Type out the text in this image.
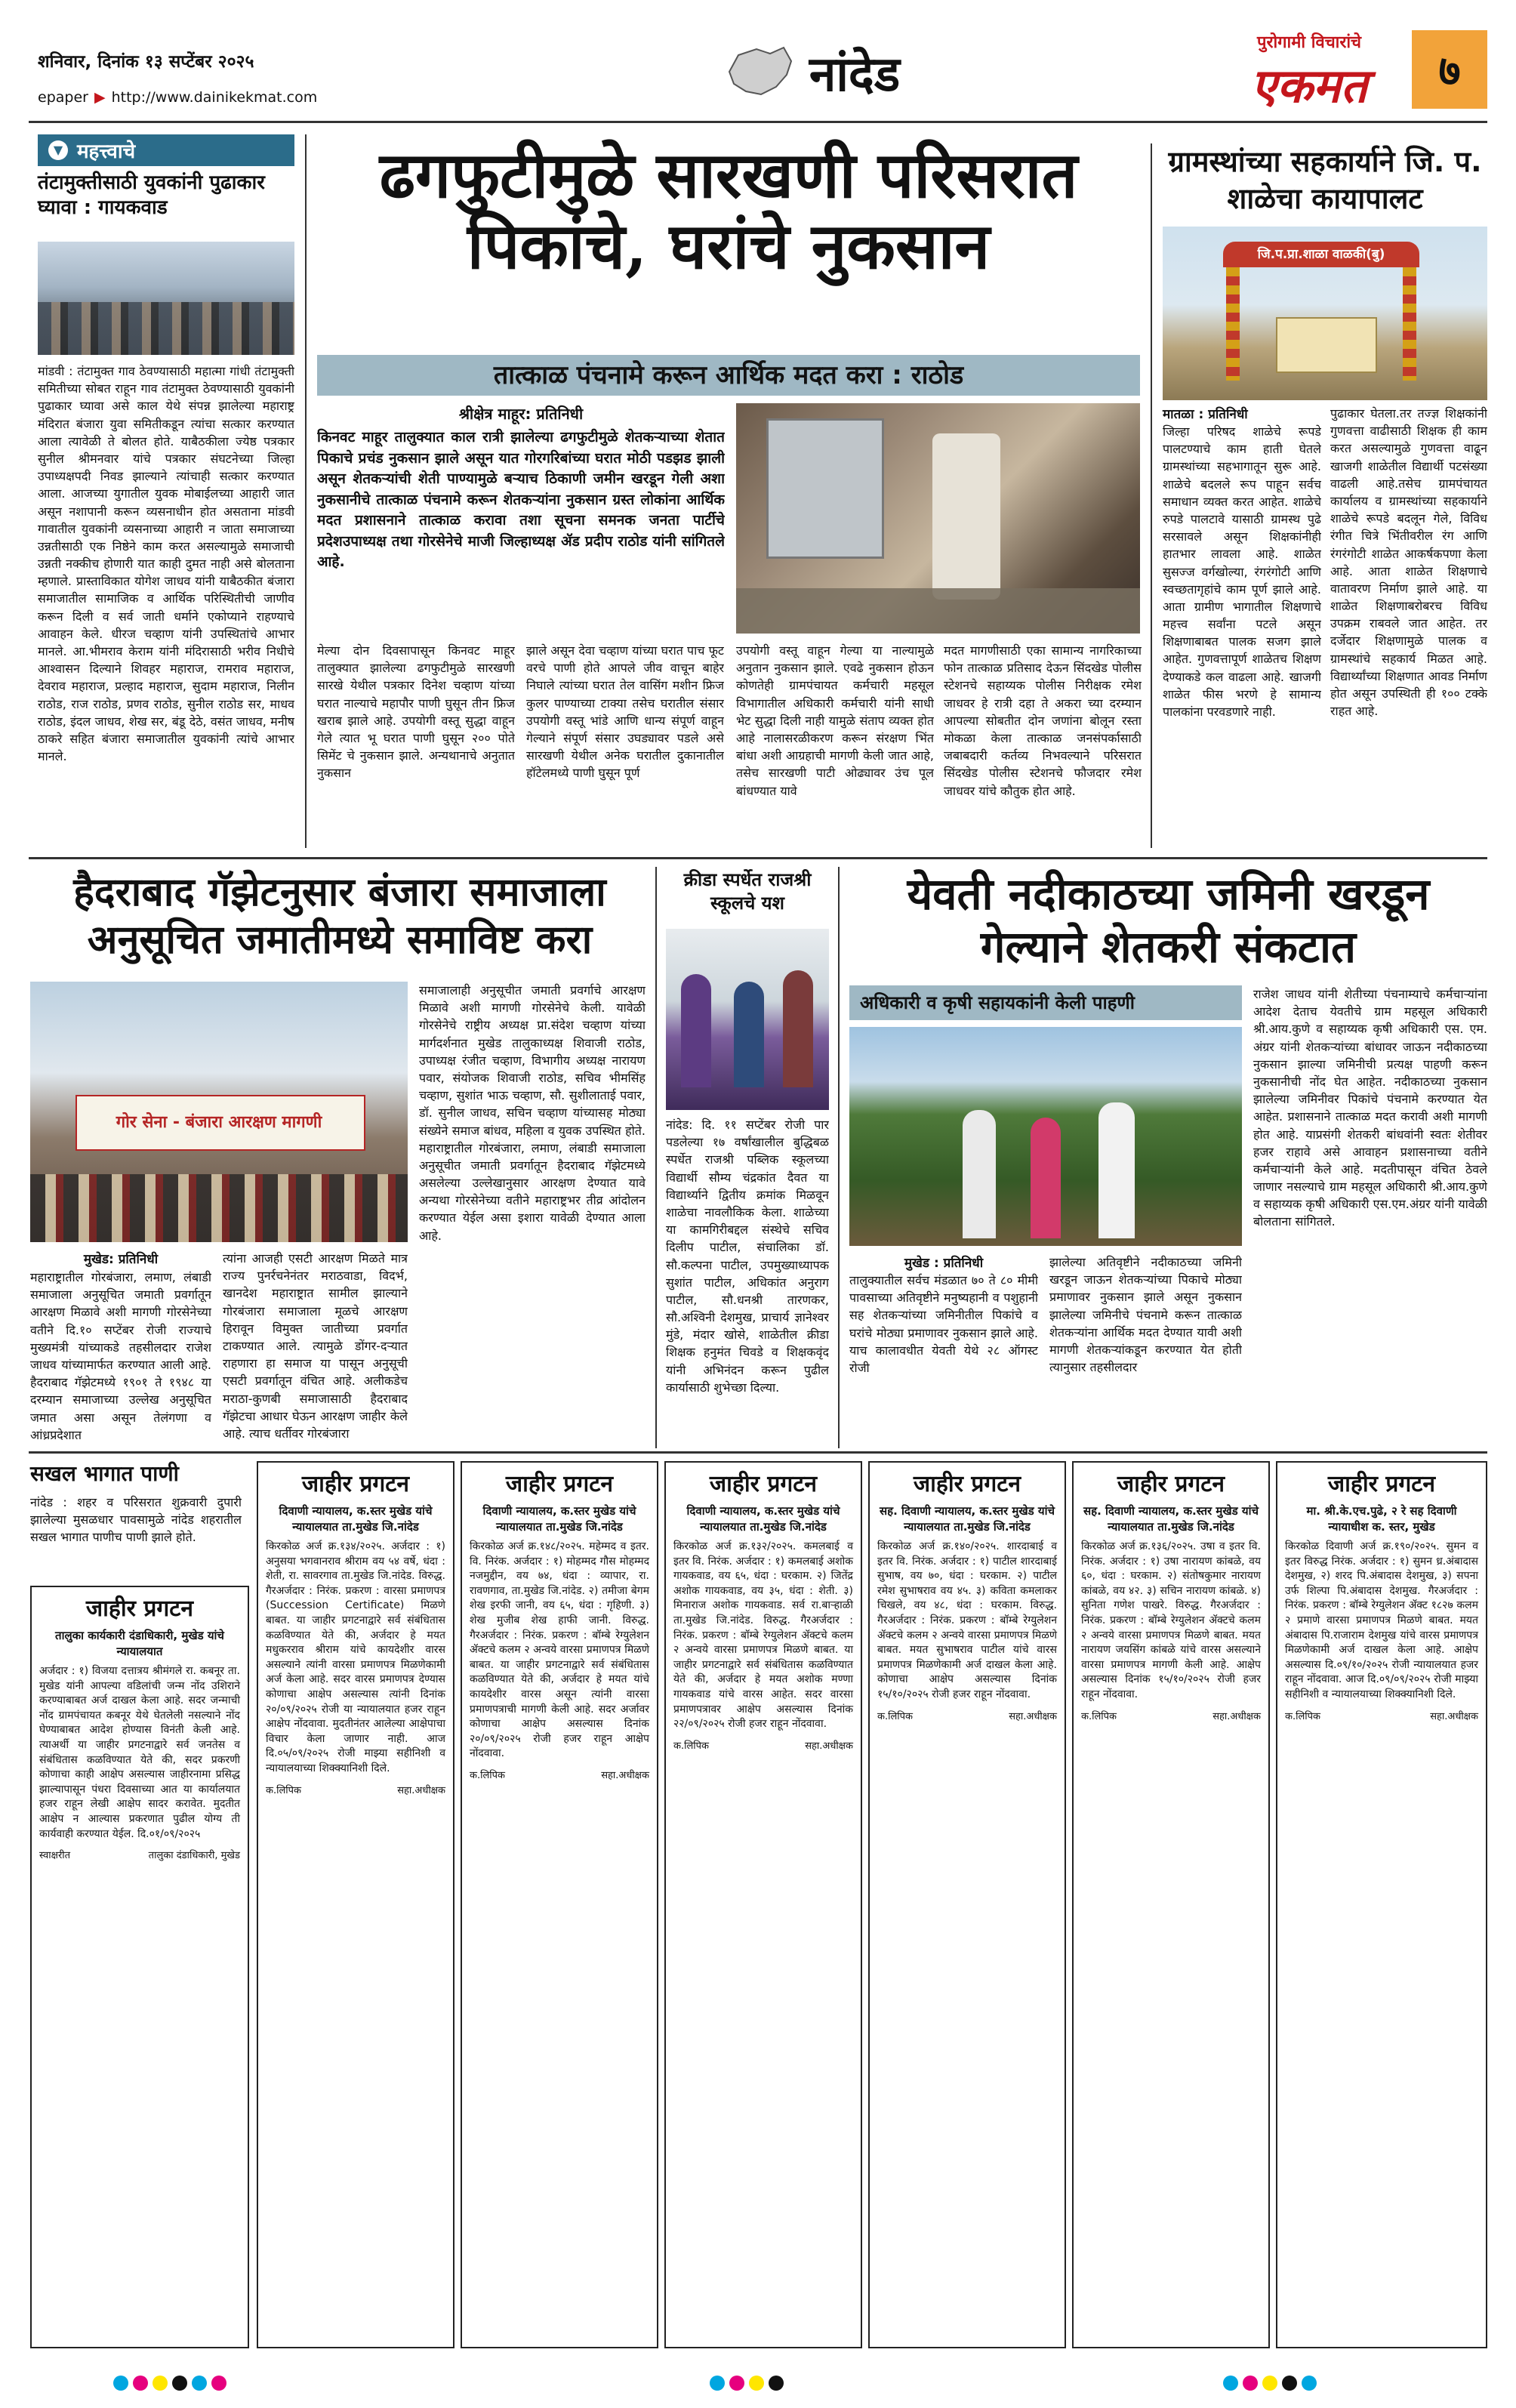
शनिवार, दिनांक १३ सप्टेंबर २०२५
epaper ▶ http://www.dainikekmat.com	नांदेड
पुरोगामी विचारांचे
एकमत	७
▼ महत्त्वाचे
तंटामुक्तीसाठी युवकांनी पुढाकार घ्यावा : गायकवाड
मांडवी : तंटामुक्त गाव ठेवण्यासाठी महात्मा गांधी तंटामुक्ती समितीच्या सोबत राहून गाव तंटामुक्त ठेवण्यासाठी युवकांनी पुढाकार घ्यावा असे काल येथे संपन्न झालेल्या महाराष्ट्र मंदिरात बंजारा युवा समितीकडून त्यांचा सत्कार करण्यात आला त्यावेळी ते बोलत होते. याबैठकीला ज्येष्ठ पत्रकार सुनील श्रीमनवार यांचे पत्रकार संघटनेच्या जिल्हा उपाध्यक्षपदी निवड झाल्याने त्यांचाही सत्कार करण्यात आला. आजच्या युगातील युवक मोबाईलच्या आहारी जात असून नशापानी करून व्यसनाधीन होत असताना मांडवी गावातील युवकांनी व्यसनाच्या आहारी न जाता समाजाच्या उन्नतीसाठी एक निष्ठेने काम करत असल्यामुळे समाजाची उन्नती नक्कीच होणारी यात काही दुमत नाही असे बोलताना म्हणाले. प्रास्ताविकात योगेश जाधव यांनी याबैठकीत बंजारा समाजातील सामाजिक व आर्थिक परिस्थितीची जाणीव करून दिली व सर्व जाती धर्माने एकोप्याने राहण्याचे आवाहन केले. धीरज चव्हाण यांनी उपस्थितांचे आभार मानले. आ.भीमराव केराम यांनी मंदिरासाठी भरीव निधीचे आश्वासन दिल्याने शिवहर महाराज, रामराव महाराज, देवराव महाराज, प्रल्हाद महाराज, सुदाम महाराज, निलीन राठोड, राज राठोड, प्रणव राठोड, सुनील राठोड सर, माधव राठोड, इंदल जाधव, शेख सर, बंडू देठे, वसंत जाधव, मनीष ठाकरे सहित बंजारा समाजातील युवकांनी त्यांचे आभार मानले.
ढगफुटीमुळे सारखणी परिसरात पिकांचे, घरांचे नुकसान
तात्काळ पंचनामे करून आर्थिक मदत करा : राठोड
श्रीक्षेत्र माहूर: प्रतिनिधी
किनवट माहूर तालुक्यात काल रात्री झालेल्या ढगफुटीमुळे शेतकऱ्याच्या शेतात पिकाचे प्रचंड नुकसान झाले असून यात गोरगरिबांच्या घरात मोठी पडझड झाली असून शेतकऱ्यांची शेती पाण्यामुळे बऱ्याच ठिकाणी जमीन खरडून गेली अशा नुकसानीचे तात्काळ पंचनामे करून शेतकऱ्यांना नुकसान ग्रस्त लोकांना आर्थिक मदत प्रशासनाने तात्काळ करावा तशा सूचना समनक जनता पार्टीचे प्रदेशउपाध्यक्ष तथा गोरसेनेचे माजी जिल्हाध्यक्ष ॲड प्रदीप राठोड यांनी सांगितले आहे.
मेल्या दोन दिवसापासून किनवट माहूर तालुक्यात झालेल्या ढगफुटीमुळे सारखणी सारखे येथील पत्रकार दिनेश चव्हाण यांच्या घरात नाल्याचे महापौर पाणी घुसून तीन फ्रिज खराब झाले आहे. उपयोगी वस्तू सुद्धा वाहून गेले त्यात भू घरात पाणी घुसून २०० पोते सिमेंट चे नुकसान झाले. अन्यथानाचे अनुतात नुकसान
झाले असून देवा चव्हाण यांच्या घरात पाच फूट वरचे पाणी होते आपले जीव वाचून बाहेर निघाले त्यांच्या घरात तेल वासिंग मशीन फ्रिज कुलर पाण्याच्या टाक्या तसेच घरातील संसार उपयोगी वस्तू भांडे आणि धान्य संपूर्ण वाहून गेल्याने संपूर्ण संसार उघड्यावर पडले असे सारखणी येथील अनेक घरातील दुकानातील हॉटेलमध्ये पाणी घुसून पूर्ण
उपयोगी वस्तू वाहून गेल्या या नाल्यामुळे अनुतान नुकसान झाले. एवढे नुकसान होऊन कोणतेही ग्रामपंचायत कर्मचारी महसूल विभागातील अधिकारी कर्मचारी यांनी साधी भेट सुद्धा दिली नाही यामुळे संताप व्यक्त होत आहे नालासरळीकरण करून संरक्षण भिंत बांधा अशी आग्रहाची मागणी केली जात आहे, तसेच सारखणी पाटी ओढ्यावर उंच पूल बांधण्यात यावे
मदत मागणीसाठी एका सामान्य नागरिकाच्या फोन तात्काळ प्रतिसाद देऊन सिंदखेड पोलीस स्टेशनचे सहाय्यक पोलीस निरीक्षक रमेश जाधवर हे रात्री दहा ते अकरा च्या दरम्यान आपल्या सोबतीत दोन जणांना बोलून रस्ता मोकळा केला तात्काळ जनसंपर्कासाठी जबाबदारी कर्तव्य निभवल्याने परिसरात सिंदखेड पोलीस स्टेशनचे फौजदार रमेश जाधवर यांचे कौतुक होत आहे.
ग्रामस्थांच्या सहकार्याने जि. प. शाळेचा कायापालट
जि.प.प्रा.शाळा वाळकी(बु)
मातळा : प्रतिनिधी
जिल्हा परिषद शाळेचे रूपडे पालटण्याचे काम हाती घेतले ग्रामस्थांच्या सहभागातून सुरू आहे. शाळेचे बदलले रूप पाहून सर्वच समाधान व्यक्त करत आहेत. शाळेचे रुपडे पालटावे यासाठी ग्रामस्थ पुढे सरसावले असून शिक्षकांनीही हातभार लावला आहे. शाळेत सुसज्ज वर्गखोल्या, रंगरंगोटी आणि स्वच्छतागृहांचे काम पूर्ण झाले आहे. आता ग्रामीण भागातील शिक्षणाचे महत्त्व सर्वांना पटले असून शिक्षणाबाबत पालक सजग झाले आहेत. गुणवत्तापूर्ण शाळेतच शिक्षण देण्याकडे कल वाढला आहे. खाजगी शाळेत फीस भरणे हे सामान्य पालकांना परवडणारे नाही.
पुढाकार घेतला.तर तज्ज्ञ शिक्षकांनी गुणवत्ता वाढीसाठी शिक्षक ही काम करत असल्यामुळे गुणवत्ता वाढून खाजगी शाळेतील विद्यार्थी पटसंख्या वाढली आहे.तसेच ग्रामपंचायत कार्यालय व ग्रामस्थांच्या सहकार्याने शाळेचे रूपडे बदलून गेले, विविध रंगीत चित्रे भिंतीवरील रंग आणि रंगरंगोटी शाळेत आकर्षकपणा केला आहे. आता शाळेत शिक्षणाचे वातावरण निर्माण झाले आहे. या शाळेत शिक्षणाबरोबरच विविध उपक्रम राबवले जात आहेत. तर दर्जेदार शिक्षणामुळे पालक व ग्रामस्थांचे सहकार्य मिळत आहे. विद्यार्थ्यांच्या शिक्षणात आवड निर्माण होत असून उपस्थिती ही १०० टक्के राहत आहे.
हैदराबाद गॅझेटनुसार बंजारा समाजाला अनुसूचित जमातीमध्ये समाविष्ट करा
गोर सेना - बंजारा आरक्षण मागणी
मुखेड: प्रतिनिधी
महाराष्ट्रातील गोरबंजारा, लमाण, लंबाडी समाजाला अनुसूचित जमाती प्रवर्गातून आरक्षण मिळावे अशी मागणी गोरसेनेच्या वतीने दि.१० सप्टेंबर रोजी राज्याचे मुख्यमंत्री यांच्याकडे तहसीलदार राजेश जाधव यांच्यामार्फत करण्यात आली आहे. हैदराबाद गॅझेटमध्ये १९०१ ते १९४८ या दरम्यान समाजाच्या उल्लेख अनुसूचित जमात असा असून तेलंगणा व आंध्रप्रदेशात
त्यांना आजही एसटी आरक्षण मिळते मात्र राज्य पुनर्रचनेनंतर मराठवाडा, विदर्भ, खानदेश महाराष्ट्रात सामील झाल्याने गोरबंजारा समाजाला मूळचे आरक्षण हिरावून विमुक्त जातीच्या प्रवर्गात टाकण्यात आले. त्यामुळे डोंगर-दऱ्यात राहणारा हा समाज या पासून अनुसूची एसटी प्रवर्गातून वंचित आहे. अलीकडेच मराठा-कुणबी समाजासाठी हैदराबाद गॅझेटचा आधार घेऊन आरक्षण जाहीर केले आहे. त्याच धर्तीवर गोरबंजारा
समाजालाही अनुसूचीत जमाती प्रवर्गाचे आरक्षण मिळावे अशी मागणी गोरसेनेचे केली. यावेळी गोरसेनेचे राष्ट्रीय अध्यक्ष प्रा.संदेश चव्हाण यांच्या मार्गदर्शनात मुखेड तालुकाध्यक्ष शिवाजी राठोड, उपाध्यक्ष रंजीत चव्हाण, विभागीय अध्यक्ष नारायण पवार, संयोजक शिवाजी राठोड, सचिव भीमसिंह चव्हाण, सुशांत भाऊ चव्हाण, सौ. सुशीलाताई पवार, डॉ. सुनील जाधव, सचिन चव्हाण यांच्यासह मोठ्या संख्येने समाज बांधव, महिला व युवक उपस्थित होते. महाराष्ट्रातील गोरबंजारा, लमाण, लंबाडी समाजाला अनुसूचीत जमाती प्रवर्गातून हैदराबाद गॅझेटमध्ये असलेल्या उल्लेखानुसार आरक्षण देण्यात यावे अन्यथा गोरसेनेच्या वतीने महाराष्ट्रभर तीव्र आंदोलन करण्यात येईल असा इशारा यावेळी देण्यात आला आहे.
क्रीडा स्पर्धेत राजश्री स्कूलचे यश
नांदेड: दि. ११ सप्टेंबर रोजी पार पडलेल्या १७ वर्षांखालील बुद्धिबळ स्पर्धेत राजश्री पब्लिक स्कूलच्या विद्यार्थी सौम्य चंद्रकांत दैवत या विद्यार्थ्याने द्वितीय क्रमांक मिळवून शाळेचा नावलौकिक केला. शाळेच्या या कामगिरीबद्दल संस्थेचे सचिव दिलीप पाटील, संचालिका डॉ. सौ.कल्पना पाटील, उपमुख्याध्यापक सुशांत पाटील, अधिकांत अनुराग पाटील, सौ.धनश्री तारणकर, सौ.अश्विनी देशमुख, प्राचार्य ज्ञानेश्वर मुंडे, मंदार खोसे, शाळेतील क्रीडा शिक्षक हनुमंत चिवडे व शिक्षकवृंद यांनी अभिनंदन करून पुढील कार्यासाठी शुभेच्छा दिल्या.
येवती नदीकाठच्या जमिनी खरडून गेल्याने शेतकरी संकटात
अधिकारी व कृषी सहायकांनी केली पाहणी
मुखेड : प्रतिनिधी
तालुक्यातील सर्वच मंडळात ७० ते ८० मीमी पावसाच्या अतिवृष्टीने मनुष्यहानी व पशुहानी सह शेतकऱ्यांच्या जमिनीतील पिकांचे व घरांचे मोठ्या प्रमाणावर नुकसान झाले आहे. याच कालावधीत येवती येथे २८ ऑगस्ट रोजी
झालेल्या अतिवृष्टीने नदीकाठच्या जमिनी खरडून जाऊन शेतकऱ्यांच्या पिकाचे मोठ्या प्रमाणावर नुकसान झाले असून नुकसान झालेल्या जमिनीचे पंचनामे करून तात्काळ शेतकऱ्यांना आर्थिक मदत देण्यात यावी अशी मागणी शेतकऱ्यांकडून करण्यात येत होती त्यानुसार तहसीलदार
राजेश जाधव यांनी शेतीच्या पंचनाम्याचे कर्मचाऱ्यांना आदेश देताच येवतीचे ग्राम महसूल अधिकारी श्री.आय.कुणे व सहाय्यक कृषी अधिकारी एस. एम. अंग्रर यांनी शेतकऱ्यांच्या बांधावर जाऊन नदीकाठच्या नुकसान झाल्या जमिनीची प्रत्यक्ष पाहणी करून नुकसानीची नोंद घेत आहेत. नदीकाठच्या नुकसान झालेल्या जमिनीवर पिकांचे पंचनामे करण्यात येत आहेत. प्रशासनाने तात्काळ मदत करावी अशी मागणी होत आहे. याप्रसंगी शेतकरी बांधवांनी स्वतः शेतीवर हजर राहावे असे आवाहन प्रशासनाच्या वतीने कर्मचाऱ्यांनी केले आहे. मदतीपासून वंचित ठेवले जाणार नसल्याचे ग्राम महसूल अधिकारी श्री.आय.कुणे व सहाय्यक कृषी अधिकारी एस.एम.अंग्रर यांनी यावेळी बोलताना सांगितले.
सखल भागात पाणी
नांदेड : शहर व परिसरात शुक्रवारी दुपारी झालेल्या मुसळधार पावसामुळे नांदेड शहरातील सखल भागात पाणीच पाणी झाले होते.
जाहीर प्रगटन
तालुका कार्यकारी दंडाधिकारी, मुखेड यांचे न्यायालयात
अर्जदार : १) विजया दत्तात्रय श्रीमंगले रा. कबनूर ता. मुखेड यांनी आपल्या वडिलांची जन्म नोंद उशिराने करण्याबाबत अर्ज दाखल केला आहे. सदर जन्माची नोंद ग्रामपंचायत कबनूर येथे घेतलेली नसल्याने नोंद घेण्याबाबत आदेश होण्यास विनंती केली आहे. त्याअर्थी या जाहीर प्रगटनाद्वारे सर्व जनतेस व संबंधितास कळविण्यात येते की, सदर प्रकरणी कोणाचा काही आक्षेप असल्यास जाहीरनामा प्रसिद्ध झाल्यापासून पंधरा दिवसाच्या आत या कार्यालयात हजर राहून लेखी आक्षेप सादर करावेत. मुदतीत आक्षेप न आल्यास प्रकरणात पुढील योग्य ती कार्यवाही करण्यात येईल. दि.०१/०९/२०२५
स्वाक्षरीत	तालुका दंडाधिकारी, मुखेड
जाहीर प्रगटन
दिवाणी न्यायालय, क.स्तर मुखेड यांचे न्यायालयात ता.मुखेड जि.नांदेड
किरकोळ अर्ज क्र.१३४/२०२५. अर्जदार : १) अनुसया भगवानराव श्रीराम वय ५४ वर्षे, धंदा : शेती, रा. सावरगाव ता.मुखेड जि.नांदेड. विरुद्ध. गैरअर्जदार : निरंक. प्रकरण : वारसा प्रमाणपत्र (Succession Certificate) मिळणे बाबत. या जाहीर प्रगटनाद्वारे सर्व संबंधितास कळविण्यात येते की, अर्जदार हे मयत मधुकरराव श्रीराम यांचे कायदेशीर वारस असल्याने त्यांनी वारसा प्रमाणपत्र मिळणेकामी अर्ज केला आहे. सदर वारस प्रमाणपत्र देण्यास कोणाचा आक्षेप असल्यास त्यांनी दिनांक २०/०९/२०२५ रोजी या न्यायालयात हजर राहून आक्षेप नोंदवावा. मुदतीनंतर आलेल्या आक्षेपाचा विचार केला जाणार नाही. आज दि.०५/०९/२०२५ रोजी माझ्या सहीनिशी व न्यायालयाच्या शिक्क्यानिशी दिले.
क.लिपिक	सहा.अधीक्षक
जाहीर प्रगटन
दिवाणी न्यायालय, क.स्तर मुखेड यांचे न्यायालयात ता.मुखेड जि.नांदेड
किरकोळ अर्ज क्र.१४८/२०२५. महेम्मद व इतर. वि. निरंक. अर्जदार : १) मोहम्मद गौस मोहम्मद नजमुद्दीन, वय ७४, धंदा : व्यापार, रा. रावणगाव, ता.मुखेड जि.नांदेड. २) तमीजा बेगम शेख इरफी जानी, वय ६५, धंदा : गृहिणी. ३) शेख मुजीब शेख हाफी जानी. विरुद्ध. गैरअर्जदार : निरंक. प्रकरण : बॉम्बे रेग्युलेशन ॲक्टचे कलम २ अन्वये वारसा प्रमाणपत्र मिळणे बाबत. या जाहीर प्रगटनाद्वारे सर्व संबंधितास कळविण्यात येते की, अर्जदार हे मयत यांचे कायदेशीर वारस असून त्यांनी वारसा प्रमाणपत्राची मागणी केली आहे. सदर अर्जावर कोणाचा आक्षेप असल्यास दिनांक २०/०९/२०२५ रोजी हजर राहून आक्षेप नोंदवावा.
क.लिपिक	सहा.अधीक्षक
जाहीर प्रगटन
दिवाणी न्यायालय, क.स्तर मुखेड यांचे न्यायालयात ता.मुखेड जि.नांदेड
किरकोळ अर्ज क्र.१३२/२०२५. कमलबाई व इतर वि. निरंक. अर्जदार : १) कमलबाई अशोक गायकवाड, वय ६५, धंदा : घरकाम. २) जितेंद्र अशोक गायकवाड, वय ३५, धंदा : शेती. ३) मिनाराज अशोक गायकवाड. सर्व रा.बाऱ्हाळी ता.मुखेड जि.नांदेड. विरुद्ध. गैरअर्जदार : निरंक. प्रकरण : बॉम्बे रेग्युलेशन ॲक्टचे कलम २ अन्वये वारसा प्रमाणपत्र मिळणे बाबत. या जाहीर प्रगटनाद्वारे सर्व संबंधितास कळविण्यात येते की, अर्जदार हे मयत अशोक मण्णा गायकवाड यांचे वारस आहेत. सदर वारसा प्रमाणपत्रावर आक्षेप असल्यास दिनांक २२/०९/२०२५ रोजी हजर राहून नोंदवावा.
क.लिपिक	सहा.अधीक्षक
जाहीर प्रगटन
सह. दिवाणी न्यायालय, क.स्तर मुखेड यांचे न्यायालयात ता.मुखेड जि.नांदेड
किरकोळ अर्ज क्र.१४०/२०२५. शारदाबाई व इतर वि. निरंक. अर्जदार : १) पाटील शारदाबाई सुभाष, वय ७०, धंदा : घरकाम. २) पाटील रमेश सुभाषराव वय ४५. ३) कविता कमलाकर चिखले, वय ४८, धंदा : घरकाम. विरुद्ध. गैरअर्जदार : निरंक. प्रकरण : बॉम्बे रेग्युलेशन ॲक्टचे कलम २ अन्वये वारसा प्रमाणपत्र मिळणे बाबत. मयत सुभाषराव पाटील यांचे वारस प्रमाणपत्र मिळणेकामी अर्ज दाखल केला आहे. कोणाचा आक्षेप असल्यास दिनांक १५/१०/२०२५ रोजी हजर राहून नोंदवावा.
क.लिपिक	सहा.अधीक्षक
जाहीर प्रगटन
सह. दिवाणी न्यायालय, क.स्तर मुखेड यांचे न्यायालयात ता.मुखेड जि.नांदेड
किरकोळ अर्ज क्र.१३६/२०२५. उषा व इतर वि. निरंक. अर्जदार : १) उषा नारायण कांबळे, वय ६०, धंदा : घरकाम. २) संतोषकुमार नारायण कांबळे, वय ४२. ३) सचिन नारायण कांबळे. ४) सुनिता गणेश पाखरे. विरुद्ध. गैरअर्जदार : निरंक. प्रकरण : बॉम्बे रेग्युलेशन ॲक्टचे कलम २ अन्वये वारसा प्रमाणपत्र मिळणे बाबत. मयत नारायण जयसिंग कांबळे यांचे वारस असल्याने वारसा प्रमाणपत्र मागणी केली आहे. आक्षेप असल्यास दिनांक १५/१०/२०२५ रोजी हजर राहून नोंदवावा.
क.लिपिक	सहा.अधीक्षक
जाहीर प्रगटन
मा. श्री.के.एच.पुढे, २ रे सह दिवाणी न्यायाधीश क. स्तर, मुखेड
किरकोळ दिवाणी अर्ज क्र.१९०/२०२५. सुमन व इतर विरुद्ध निरंक. अर्जदार : १) सुमन ध्र.अंबादास देशमुख, २) शरद पि.अंबादास देशमुख, ३) सपना उर्फ शिल्पा पि.अंबादास देशमुख. गैरअर्जदार : निरंक. प्रकरण : बॉम्बे रेग्युलेशन ॲक्ट १८२७ कलम २ प्रमाणे वारसा प्रमाणपत्र मिळणे बाबत. मयत अंबादास पि.राजाराम देशमुख यांचे वारस प्रमाणपत्र मिळणेकामी अर्ज दाखल केला आहे. आक्षेप असल्यास दि.०९/१०/२०२५ रोजी न्यायालयात हजर राहून नोंदवावा. आज दि.०९/०९/२०२५ रोजी माझ्या सहीनिशी व न्यायालयाच्या शिक्क्यानिशी दिले.
क.लिपिक	सहा.अधीक्षक
